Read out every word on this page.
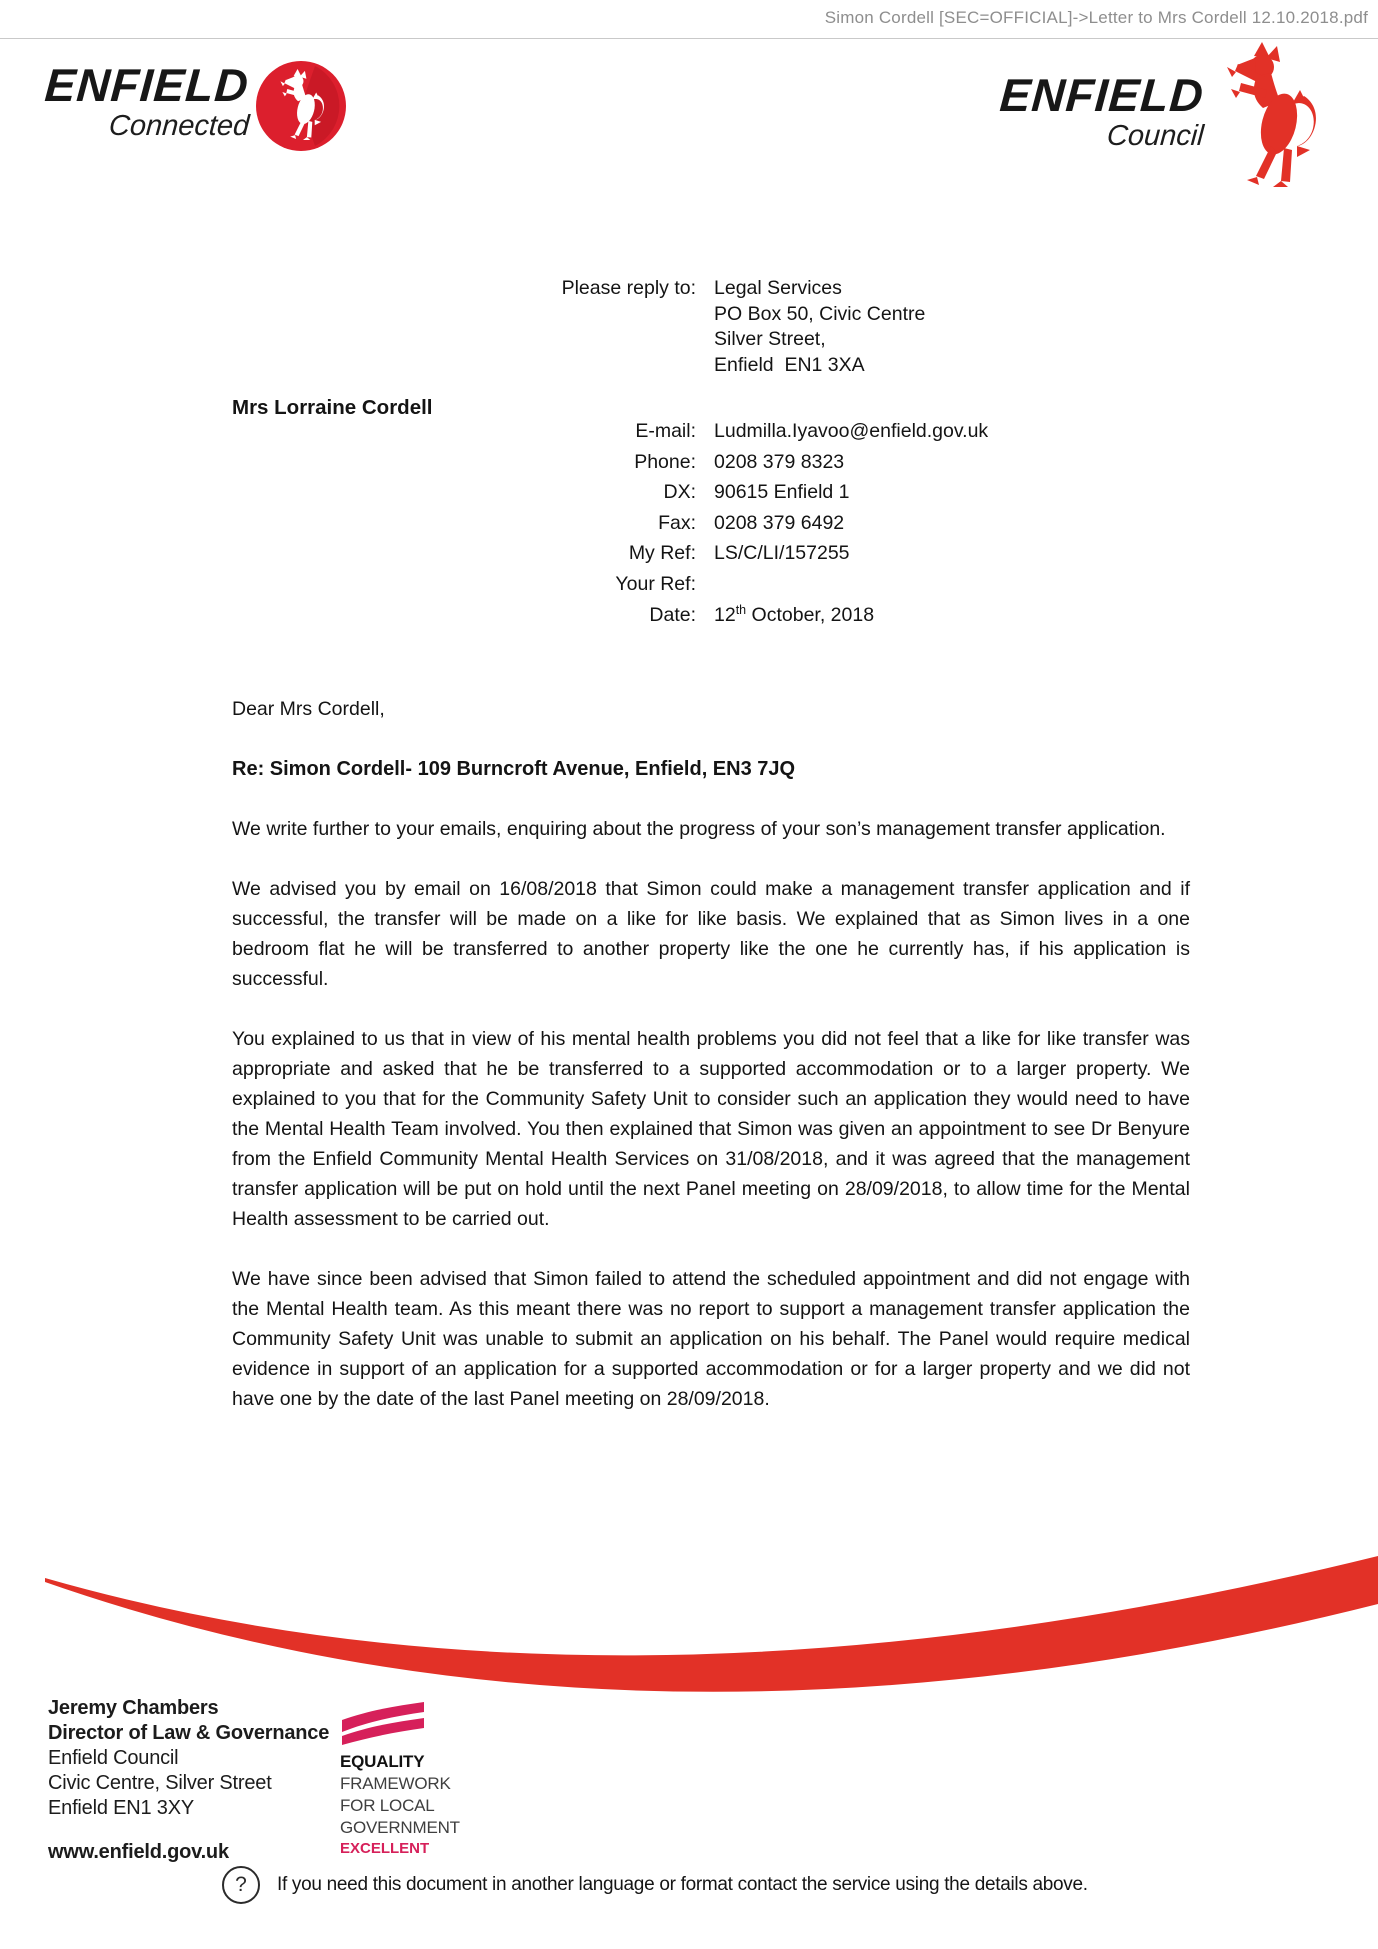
Simon Cordell [SEC=OFFICIAL]->Letter to Mrs Cordell 12.10.2018.pdf
ENFIELD
Connected
ENFIELD
Council
Please reply to: Legal Services
PO Box 50, Civic Centre
Silver Street,
Enfield  EN1 3XA
E-mail: Ludmilla.Iyavoo@enfield.gov.uk
Phone: 0208 379 8323
DX: 90615 Enfield 1
Fax: 0208 379 6492
My Ref: LS/C/LI/157255
Your Ref:
Date: 12th October, 2018
Mrs Lorraine Cordell

Dear Mrs Cordell,

Re: Simon Cordell- 109 Burncroft Avenue, Enfield, EN3 7JQ

We write further to your emails, enquiring about the progress of your son’s management transfer application.

We advised you by email on 16/08/2018 that Simon could make a management transfer application and if successful, the transfer will be made on a like for like basis. We explained that as Simon lives in a one bedroom flat he will be transferred to another property like the one he currently has, if his application is successful.

You explained to us that in view of his mental health problems you did not feel that a like for like transfer was appropriate and asked that he be transferred to a supported accommodation or to a larger property. We explained to you that for the Community Safety Unit to consider such an application they would need to have the Mental Health Team involved. You then explained that Simon was given an appointment to see Dr Benyure from the Enfield Community Mental Health Services on 31/08/2018, and it was agreed that the management transfer application will be put on hold until the next Panel meeting on 28/09/2018, to allow time for the Mental Health assessment to be carried out.

We have since been advised that Simon failed to attend the scheduled appointment and did not engage with the Mental Health team. As this meant there was no report to support a management transfer application the Community Safety Unit was unable to submit an application on his behalf. The Panel would require medical evidence in support of an application for a supported accommodation or for a larger property and we did not have one by the date of the last Panel meeting on 28/09/2018.

Jeremy Chambers
Director of Law & Governance
Enfield Council
Civic Centre, Silver Street
Enfield EN1 3XY
www.enfield.gov.uk
EQUALITY
FRAMEWORK
FOR LOCAL
GOVERNMENT
EXCELLENT
?	If you need this document in another language or format contact the service using the details above.
